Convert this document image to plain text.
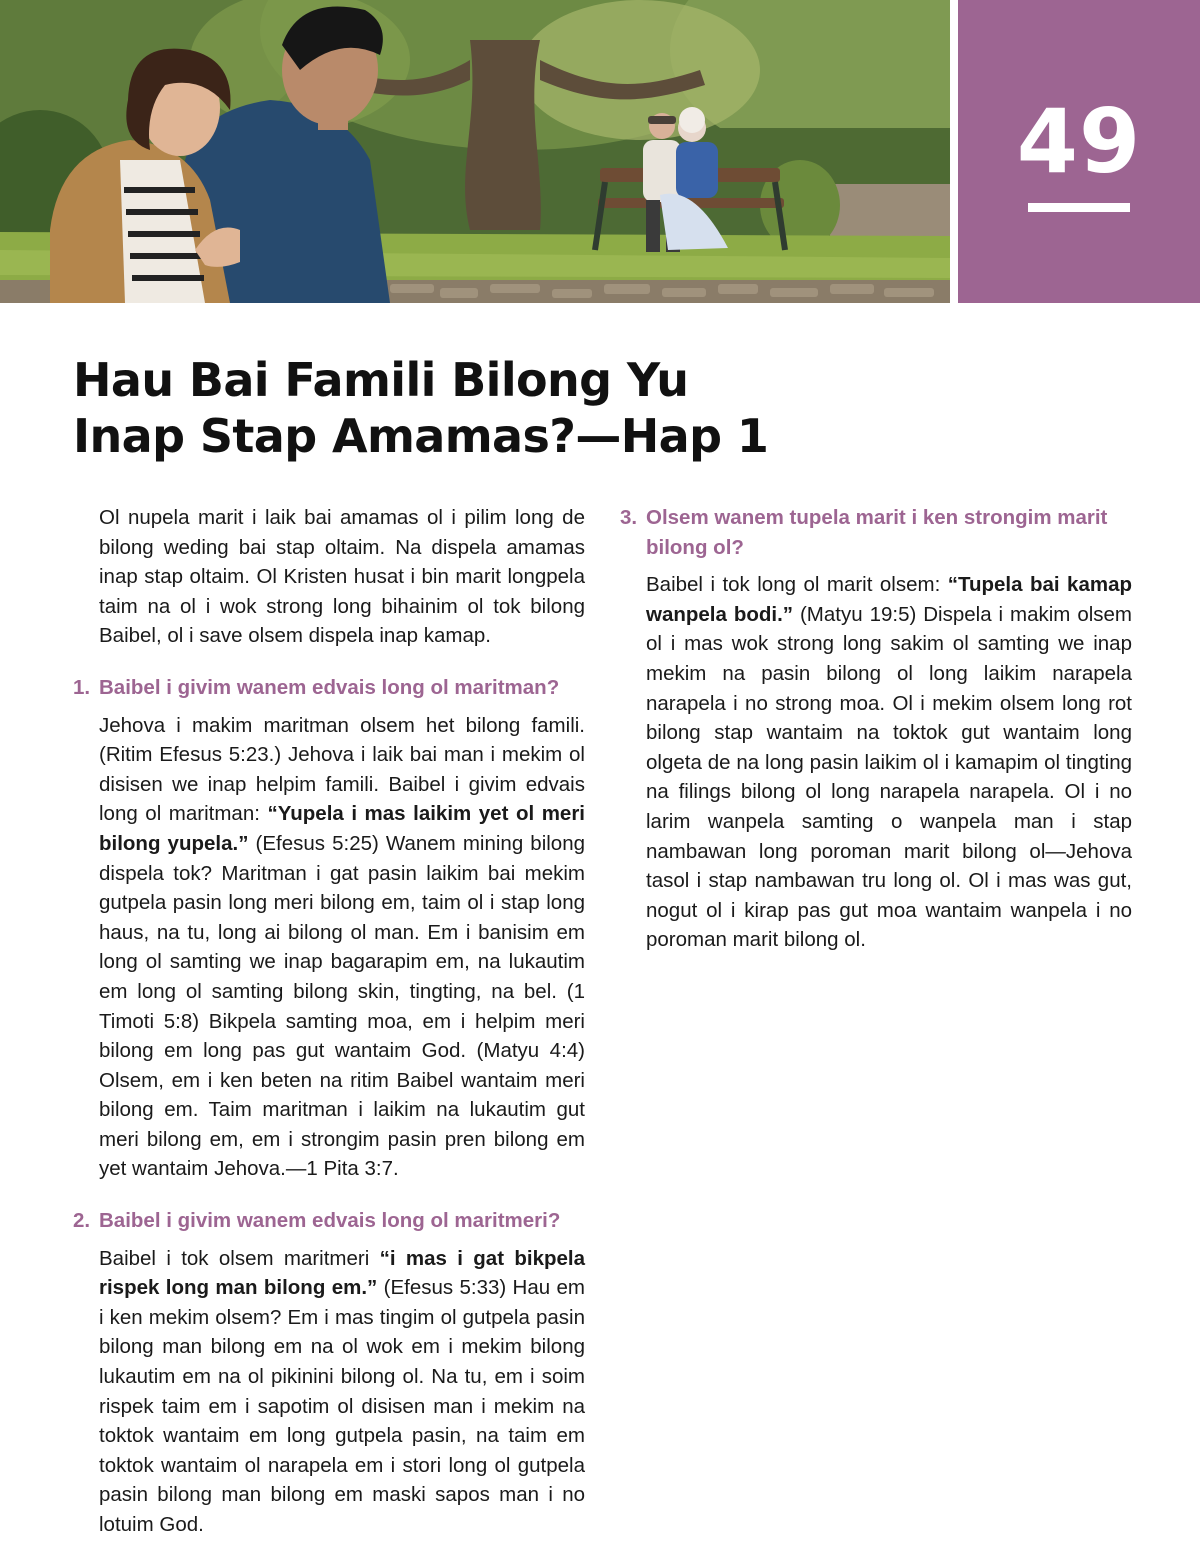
49
Hau Bai Famili Bilong Yu
Inap Stap Amamas?—Hap 1

Ol nupela marit i laik bai amamas ol i pilim long de bilong weding bai stap oltaim. Na dispela amamas inap stap oltaim. Ol Kristen husat i bin marit longpela taim na ol i wok strong long bihainim ol tok bilong Baibel, ol i save olsem dispela inap kamap.

1. Baibel i givim wanem edvais long ol maritman?

Jehova i makim maritman olsem het bilong famili. (Ritim Efesus 5:23.) Jehova i laik bai man i mekim ol disisen we inap helpim famili. Baibel i givim edvais long ol maritman: “Yupela i mas laikim yet ol meri bilong yupela.” (Efesus 5:25) Wanem mining bilong dispela tok? Maritman i gat pasin laikim bai mekim gutpela pasin long meri bilong em, taim ol i stap long haus, na tu, long ai bilong ol man. Em i banisim em long ol samting we inap bagarapim em, na lukautim em long ol samting bilong skin, tingting, na bel. (1 Timoti 5:8) Bikpela samting moa, em i helpim meri bilong em long pas gut wantaim God. (Matyu 4:4) Olsem, em i ken beten na ritim Baibel wantaim meri bilong em. Taim maritman i laikim na lukautim gut meri bilong em, em i strongim pasin pren bilong em yet wantaim Jehova.—1 Pita 3:7.

2. Baibel i givim wanem edvais long ol maritmeri?

Baibel i tok olsem maritmeri “i mas i gat bikpela rispek long man bilong em.” (Efesus 5:33) Hau em i ken mekim olsem? Em i mas tingim ol gutpela pasin bilong man bilong em na ol wok em i mekim bilong lukautim em na ol pikinini bilong ol. Na tu, em i soim rispek taim em i sapotim ol disisen man i mekim na toktok wantaim em long gutpela pasin, na taim em toktok wantaim ol narapela em i stori long ol gutpela pasin bilong man bilong em maski sapos man i no lotuim God.

3. Olsem wanem tupela marit i ken strongim marit bilong ol?

Baibel i tok long ol marit olsem: “Tupela bai kamap wanpela bodi.” (Matyu 19:5) Dispela i makim olsem ol i mas wok strong long sakim ol samting we inap mekim na pasin bilong ol long laikim narapela narapela i no strong moa. Ol i mekim olsem long rot bilong stap wantaim na toktok gut wantaim long olgeta de na long pasin laikim ol i kamapim ol tingting na filings bilong ol long narapela narapela. Ol i no larim wanpela samting o wanpela man i stap nambawan long poroman marit bilong ol—Jehova tasol i stap nambawan tru long ol. Ol i mas was gut, nogut ol i kirap pas gut moa wantaim wanpela i no poroman marit bilong ol.
